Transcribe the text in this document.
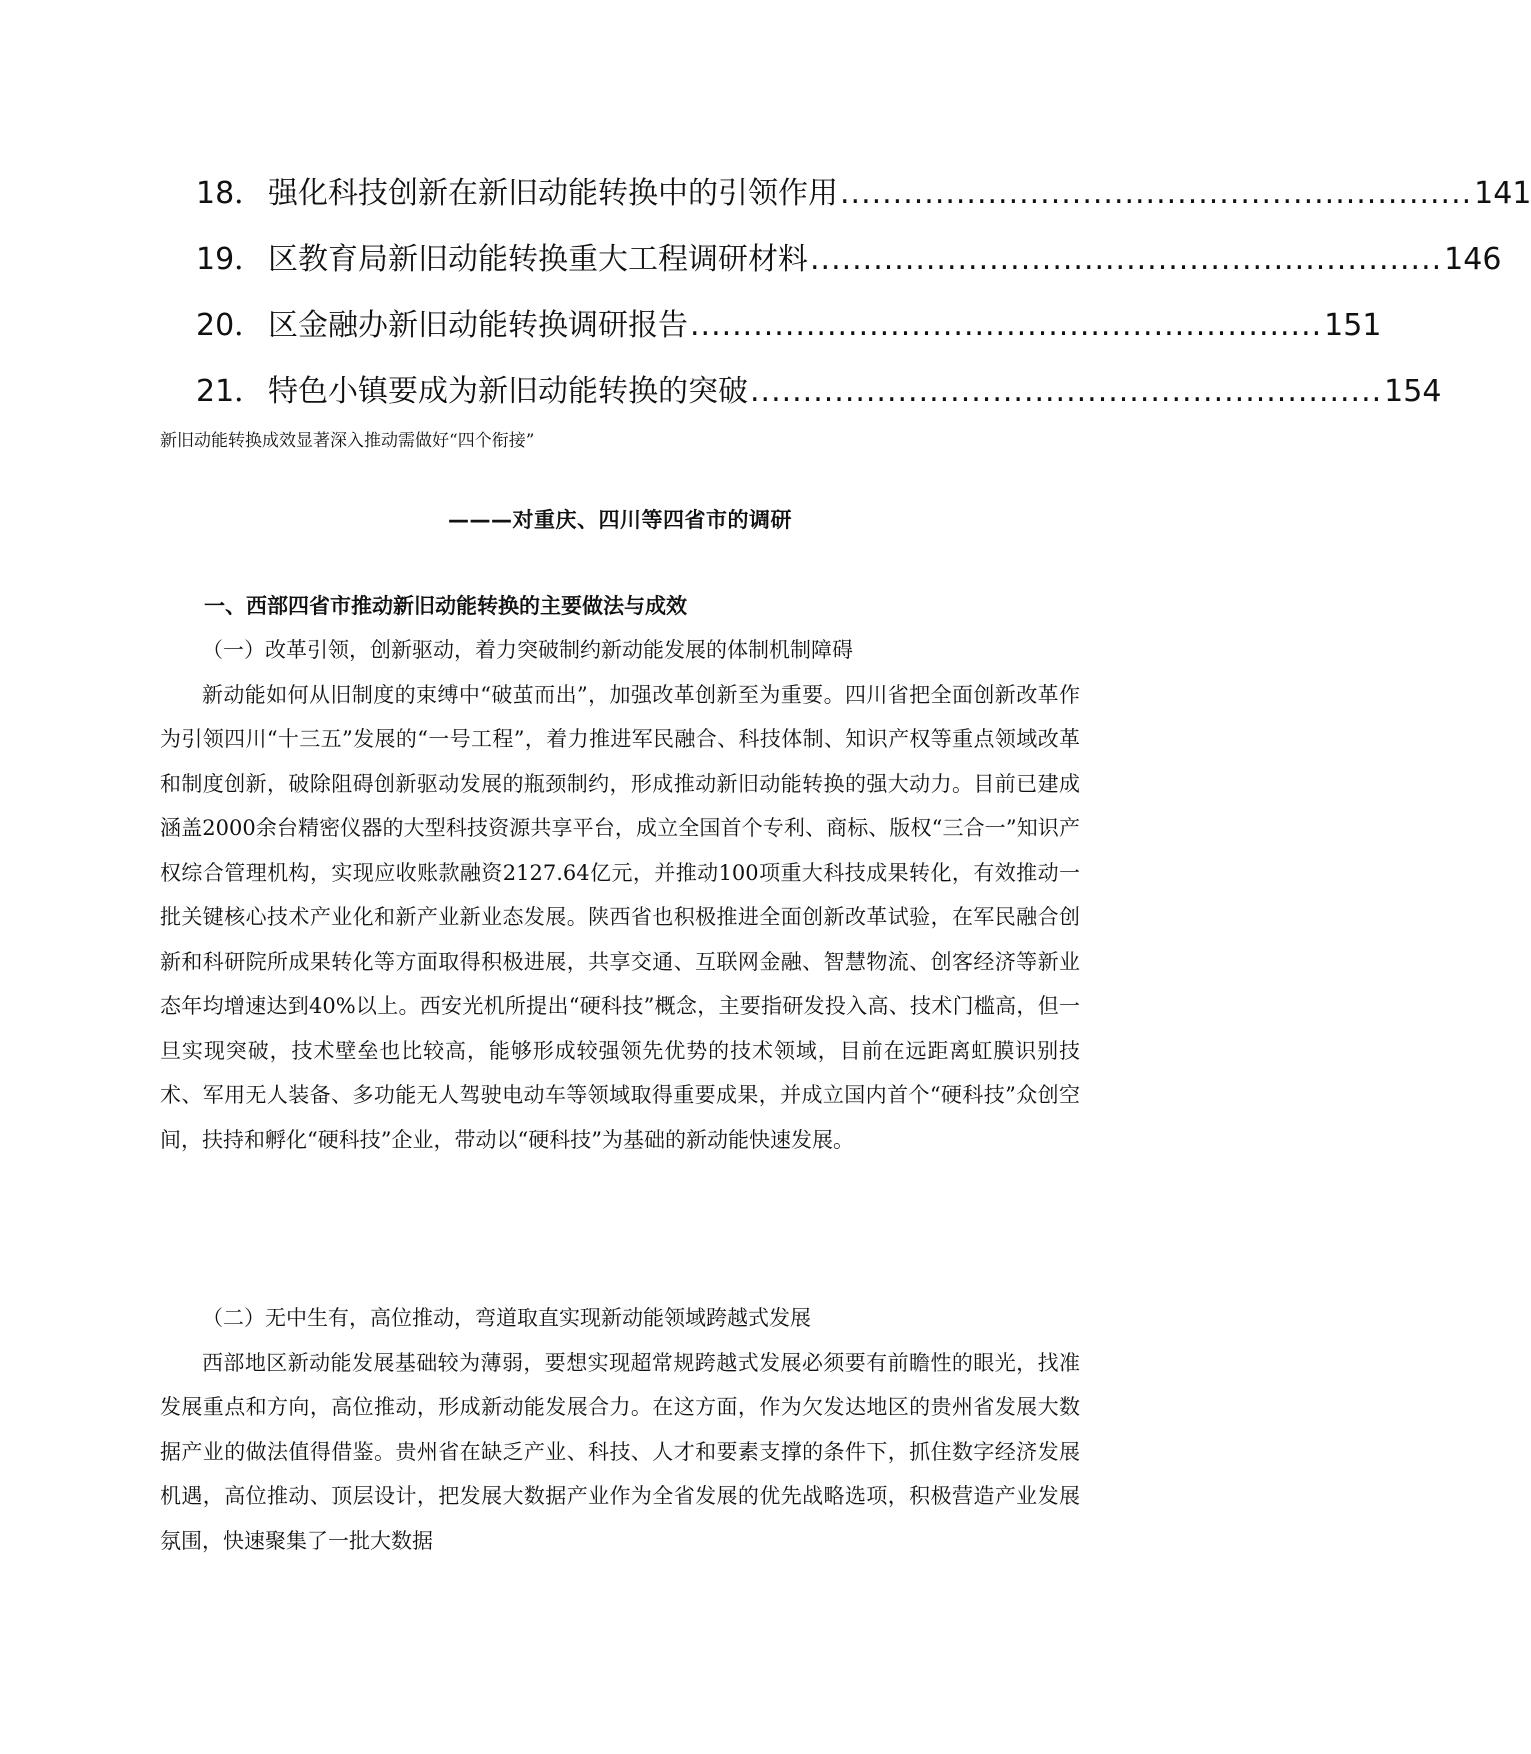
18． 强化科技创新在新旧动能转换中的引领作用 ............................................................ 141
19． 区教育局新旧动能转换重大工程调研材料 ............................................................ 146
20． 区金融办新旧动能转换调研报告 ............................................................ 151
21． 特色小镇要成为新旧动能转换的突破 ............................................................ 154
新旧动能转换成效显著深入推动需做好“四个衔接”
———对重庆、四川等四省市的调研
一、西部四省市推动新旧动能转换的主要做法与成效

（一）改革引领，创新驱动，着力突破制约新动能发展的体制机制障碍

新动能如何从旧制度的束缚中“破茧而出”，加强改革创新至为重要。四川省把全面创新改革作为引领四川“十三五”发展的“一号工程”，着力推进军民融合、科技体制、知识产权等重点领域改革和制度创新，破除阻碍创新驱动发展的瓶颈制约，形成推动新旧动能转换的强大动力。目前已建成涵盖2000余台精密仪器的大型科技资源共享平台，成立全国首个专利、商标、版权“三合一”知识产权综合管理机构，实现应收账款融资2127.64亿元，并推动100项重大科技成果转化，有效推动一批关键核心技术产业化和新产业新业态发展。陕西省也积极推进全面创新改革试验，在军民融合创新和科研院所成果转化等方面取得积极进展，共享交通、互联网金融、智慧物流、创客经济等新业态年均增速达到40%以上。西安光机所提出“硬科技”概念，主要指研发投入高、技术门槛高，但一旦实现突破，技术壁垒也比较高，能够形成较强领先优势的技术领域，目前在远距离虹膜识别技术、军用无人装备、多功能无人驾驶电动车等领域取得重要成果，并成立国内首个“硬科技”众创空间，扶持和孵化“硬科技”企业，带动以“硬科技”为基础的新动能快速发展。

（二）无中生有，高位推动，弯道取直实现新动能领域跨越式发展

西部地区新动能发展基础较为薄弱，要想实现超常规跨越式发展必须要有前瞻性的眼光，找准发展重点和方向，高位推动，形成新动能发展合力。在这方面，作为欠发达地区的贵州省发展大数据产业的做法值得借鉴。贵州省在缺乏产业、科技、人才和要素支撑的条件下，抓住数字经济发展机遇，高位推动、顶层设计，把发展大数据产业作为全省发展的优先战略选项，积极营造产业发展氛围，快速聚集了一批大数据
